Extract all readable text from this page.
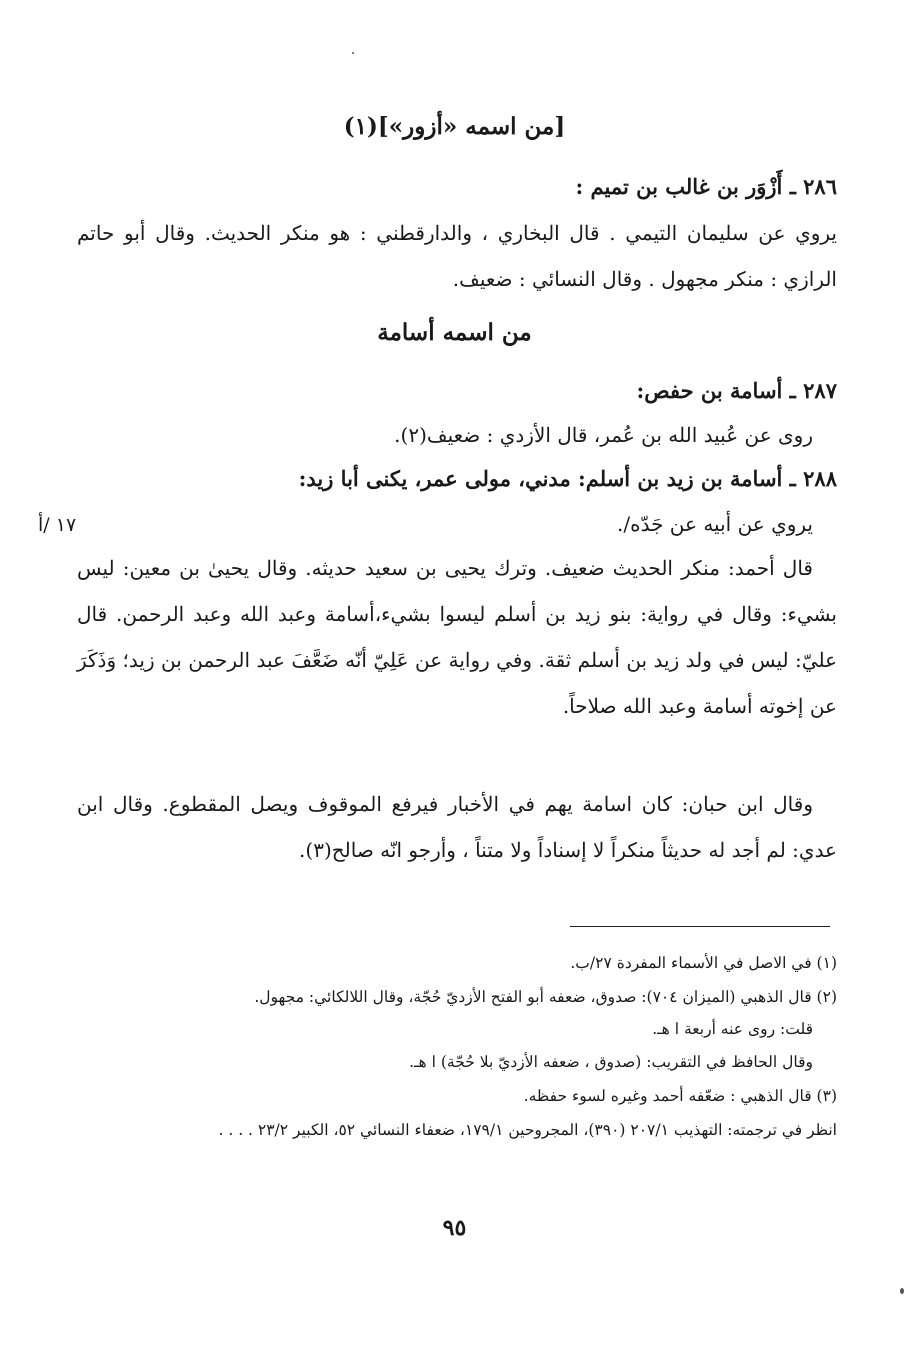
[من اسمه «أزور»](١)
٢٨٦ ـ أَزْوَر بن غالب بن تميم :
يروي عن سليمان التيمي . قال البخاري ، والدارقطني : هو منكر الحديث. وقال أبو حاتم الرازي : منكر مجهول . وقال النسائي : ضعيف.
من اسمه أسامة
٢٨٧ ـ أسامة بن حفص:
روى عن عُبيد الله بن عُمر، قال الأزدي : ضعيف(٢).
٢٨٨ ـ أسامة بن زيد بن أسلم: مدني، مولى عمر، يكنى أبا زيد:
يروي عن أبيه عن جَدّه/.
١٧ /أ
قال أحمد: منكر الحديث ضعيف. وترك يحيى بن سعيد حديثه. وقال يحيىٰ بن معين: ليس بشيء: وقال في رواية: بنو زيد بن أسلم ليسوا بشيء،أسامة وعبد الله وعبد الرحمن. قال عليّ: ليس في ولد زيد بن أسلم ثقة. وفي رواية عن عَلِيّ أنّه ضَعَّفَ عبد الرحمن بن زيد؛ وَذَكَرَ عن إخوته أسامة وعبد الله صلاحاً.
وقال ابن حبان: كان اسامة يهم في الأخبار فيرفع الموقوف ويصل المقطوع. وقال ابن عدي: لم أجد له حديثاً منكراً لا إسناداً ولا متناً ، وأرجو انّه صالح(٣).
(١) في الاصل في الأسماء المفردة ٢٧/ب.
(٢) قال الذهبي (الميزان ٧٠٤): صدوق، ضعفه أبو الفتح الأزديّ حُجّة، وقال اللالكائي: مجهول.
قلت: روى عنه أربعة ا هـ.
وقال الحافظ في التقريب: (صدوق ، ضعفه الأزديّ بلا حُجّة) ا هـ.
(٣) قال الذهبي : ضعّفه أحمد وغيره لسوء حفظه.
انظر في ترجمته: التهذيب ٢٠٧/١ (٣٩٠)، المجروحين ١٧٩/١، ضعفاء النسائي ٥٢، الكبير ٢٣/٢ . . . .
٩٥
